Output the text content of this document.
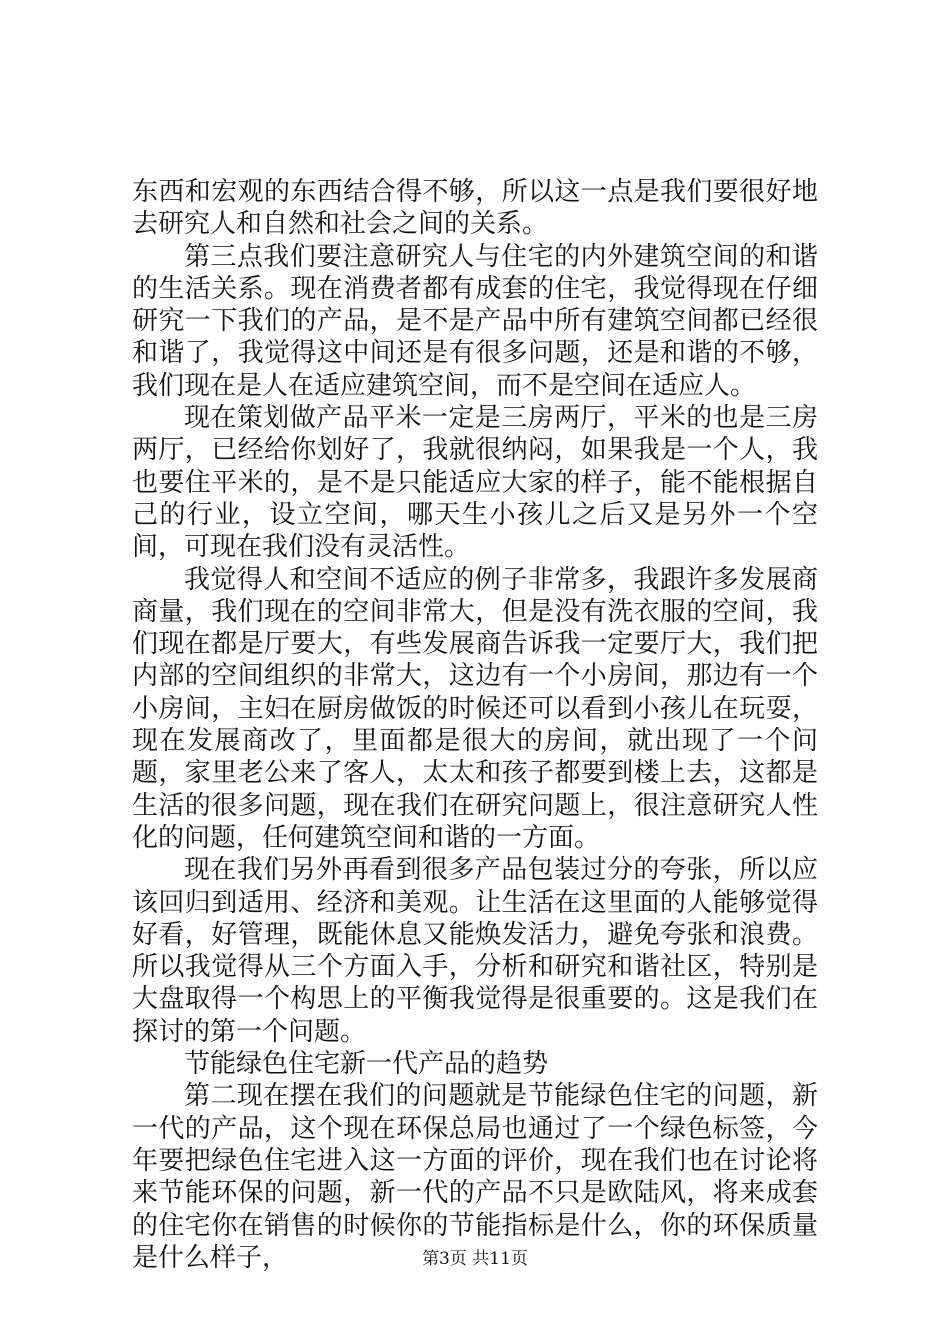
东西和宏观的东西结合得不够，所以这一点是我们要很好地去研究人和自然和社会之间的关系。

第三点我们要注意研究人与住宅的内外建筑空间的和谐的生活关系。现在消费者都有成套的住宅，我觉得现在仔细研究一下我们的产品，是不是产品中所有建筑空间都已经很和谐了，我觉得这中间还是有很多问题，还是和谐的不够，我们现在是人在适应建筑空间，而不是空间在适应人。

现在策划做产品平米一定是三房两厅，平米的也是三房两厅，已经给你划好了，我就很纳闷，如果我是一个人，我也要住平米的，是不是只能适应大家的样子，能不能根据自己的行业，设立空间，哪天生小孩儿之后又是另外一个空间，可现在我们没有灵活性。

我觉得人和空间不适应的例子非常多，我跟许多发展商商量，我们现在的空间非常大，但是没有洗衣服的空间，我们现在都是厅要大，有些发展商告诉我一定要厅大，我们把内部的空间组织的非常大，这边有一个小房间，那边有一个小房间，主妇在厨房做饭的时候还可以看到小孩儿在玩耍，现在发展商改了，里面都是很大的房间，就出现了一个问题，家里老公来了客人，太太和孩子都要到楼上去，这都是生活的很多问题，现在我们在研究问题上，很注意研究人性化的问题，任何建筑空间和谐的一方面。

现在我们另外再看到很多产品包装过分的夸张，所以应该回归到适用、经济和美观。让生活在这里面的人能够觉得好看，好管理，既能休息又能焕发活力，避免夸张和浪费。所以我觉得从三个方面入手，分析和研究和谐社区，特别是大盘取得一个构思上的平衡我觉得是很重要的。这是我们在探讨的第一个问题。

节能绿色住宅新一代产品的趋势

第二现在摆在我们的问题就是节能绿色住宅的问题，新一代的产品，这个现在环保总局也通过了一个绿色标签，今年要把绿色住宅进入这一方面的评价，现在我们也在讨论将来节能环保的问题，新一代的产品不只是欧陆风，将来成套的住宅你在销售的时候你的节能指标是什么，你的环保质量是什么样子，	第3页 共11页
